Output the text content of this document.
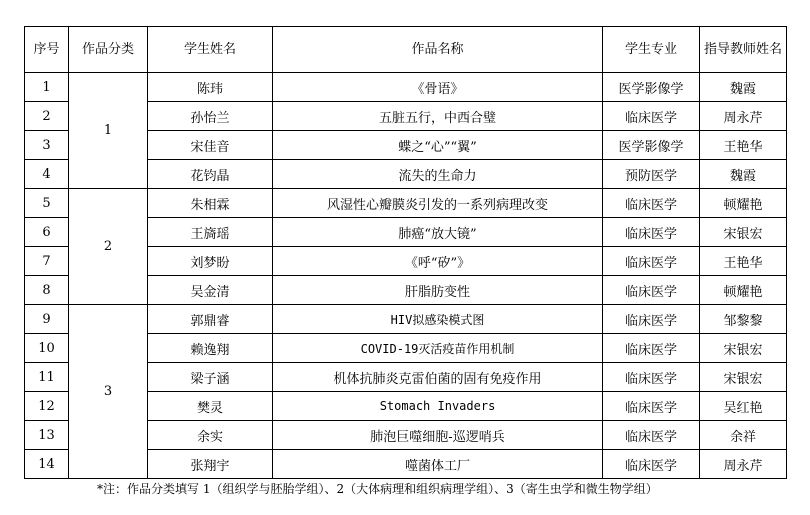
序号	作品分类	学生姓名	作品名称	学生专业	指导教师姓名
1	1	陈玮	《骨语》	医学影像学	魏霞
2		孙怡兰	五脏五行，中西合璧	临床医学	周永芹
3		宋佳音	蝶之“心”“翼”	医学影像学	王艳华
4		花钧晶	流失的生命力	预防医学	魏霞
5	2	朱相霖	风湿性心瓣膜炎引发的一系列病理改变	临床医学	顿耀艳
6		王旖瑶	肺癌“放大镜”	临床医学	宋银宏
7		刘梦盼	《呼“矽”》	临床医学	王艳华
8		吴金清	肝脂肪变性	临床医学	顿耀艳
9	3	郭鼎睿	HIV拟感染模式图	临床医学	邹黎黎
10		赖逸翔	COVID-19灭活疫苗作用机制	临床医学	宋银宏
11		梁子涵	机体抗肺炎克雷伯菌的固有免疫作用	临床医学	宋银宏
12		樊灵	Stomach Invaders	临床医学	吴红艳
13		余实	肺泡巨噬细胞-巡逻哨兵	临床医学	余祥
14		张翔宇	噬菌体工厂	临床医学	周永芹
*注：作品分类填写 1（组织学与胚胎学组）、2（大体病理和组织病理学组）、3（寄生虫学和微生物学组）
